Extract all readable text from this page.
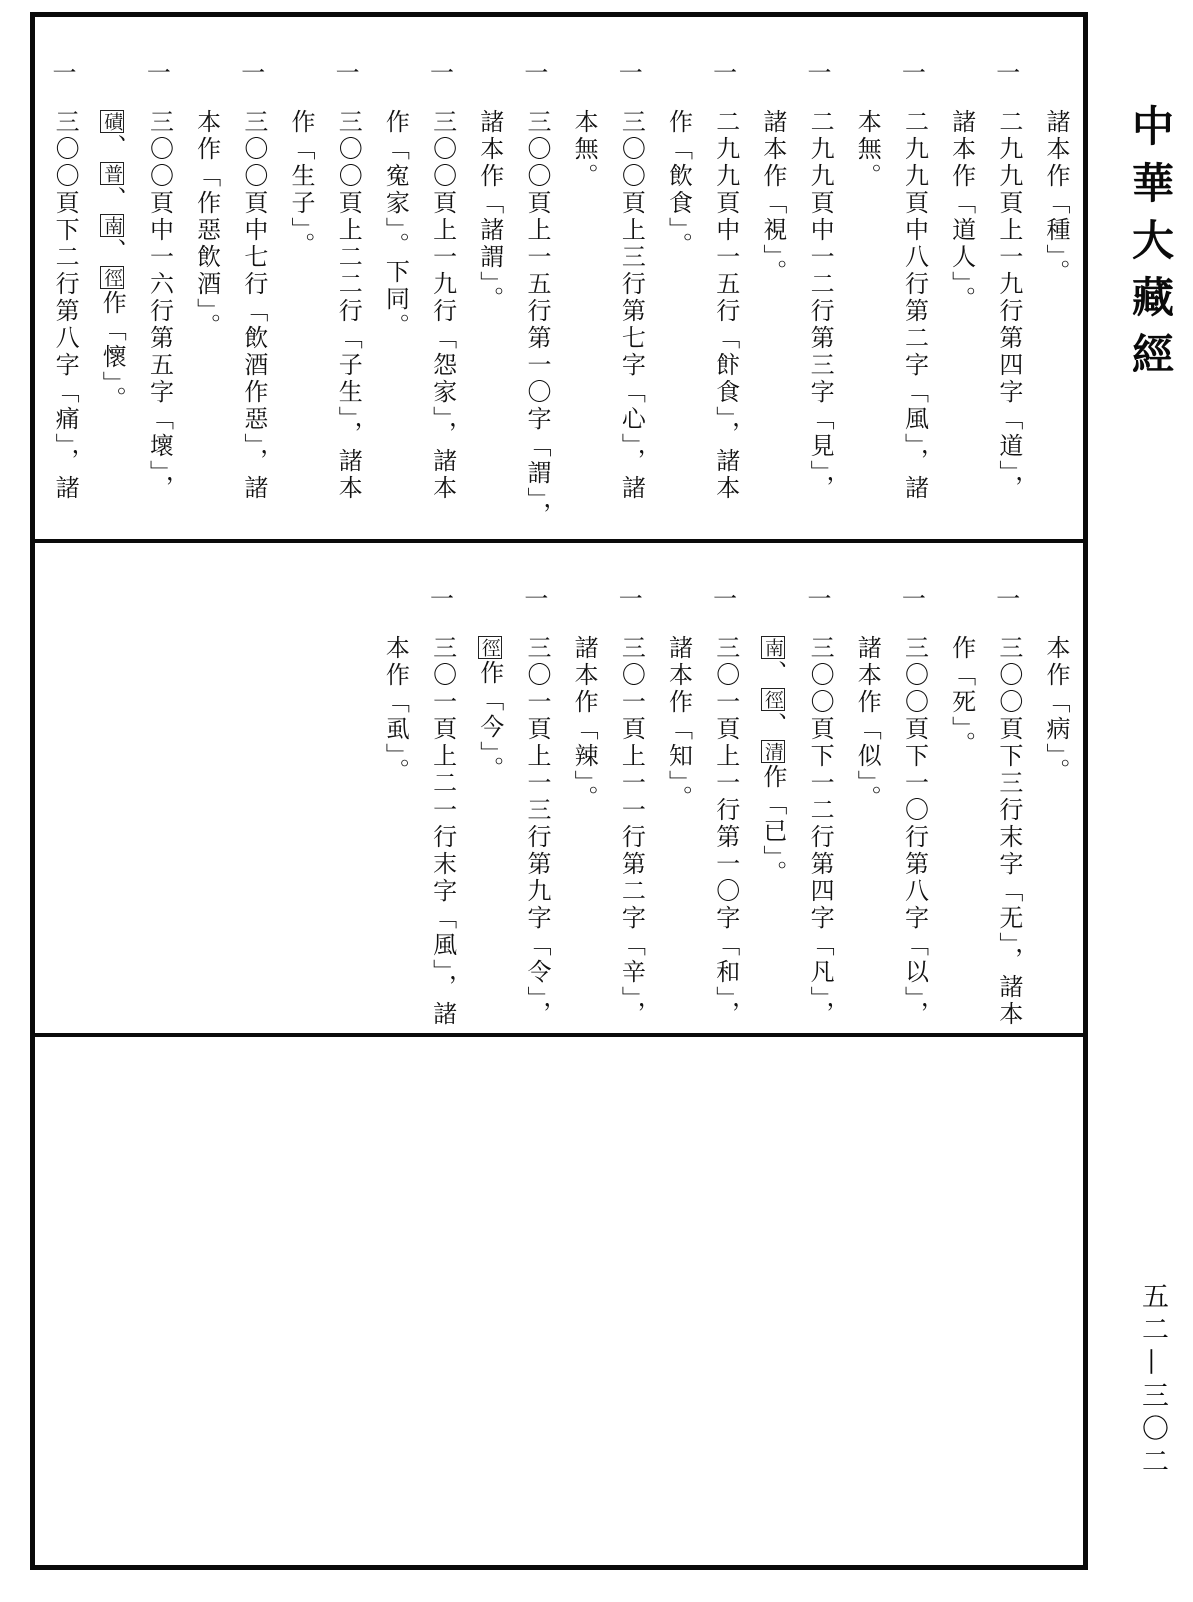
諸本作「種」。
一
二九九頁上一九行第四字「道」，
諸本作「道人」。
一
二九九頁中八行第二字「風」，諸
本無。
一
二九九頁中一二行第三字「見」，
諸本作「視」。
一
二九九頁中一五行「飰食」，諸本
作「飲食」。
一
三〇〇頁上三行第七字「心」，諸
本無。
一
三〇〇頁上一五行第一〇字「謂」，
諸本作「諸謂」。
一
三〇〇頁上一九行「怨家」，諸本
作「寃家」。下同。
一
三〇〇頁上二二行「子生」，諸本
作「生子」。
一
三〇〇頁中七行「飲酒作惡」，諸
本作「作惡飲酒」。
一
三〇〇頁中一六行第五字「壞」，
磧、普、南、徑作「懷」。
一
三〇〇頁下二行第八字「痛」，諸
本作「病」。
一
三〇〇頁下三行末字「无」，諸本
作「死」。
一
三〇〇頁下一〇行第八字「以」，
諸本作「似」。
一
三〇〇頁下一二行第四字「凡」，
南、徑、清作「已」。
一
三〇一頁上一行第一〇字「和」，
諸本作「知」。
一
三〇一頁上一一行第二字「辛」，
諸本作「辣」。
一
三〇一頁上一三行第九字「令」，
徑作「今」。
一
三〇一頁上二一行末字「風」，諸
本作「虱」。
中華大藏經
五二—三〇二
